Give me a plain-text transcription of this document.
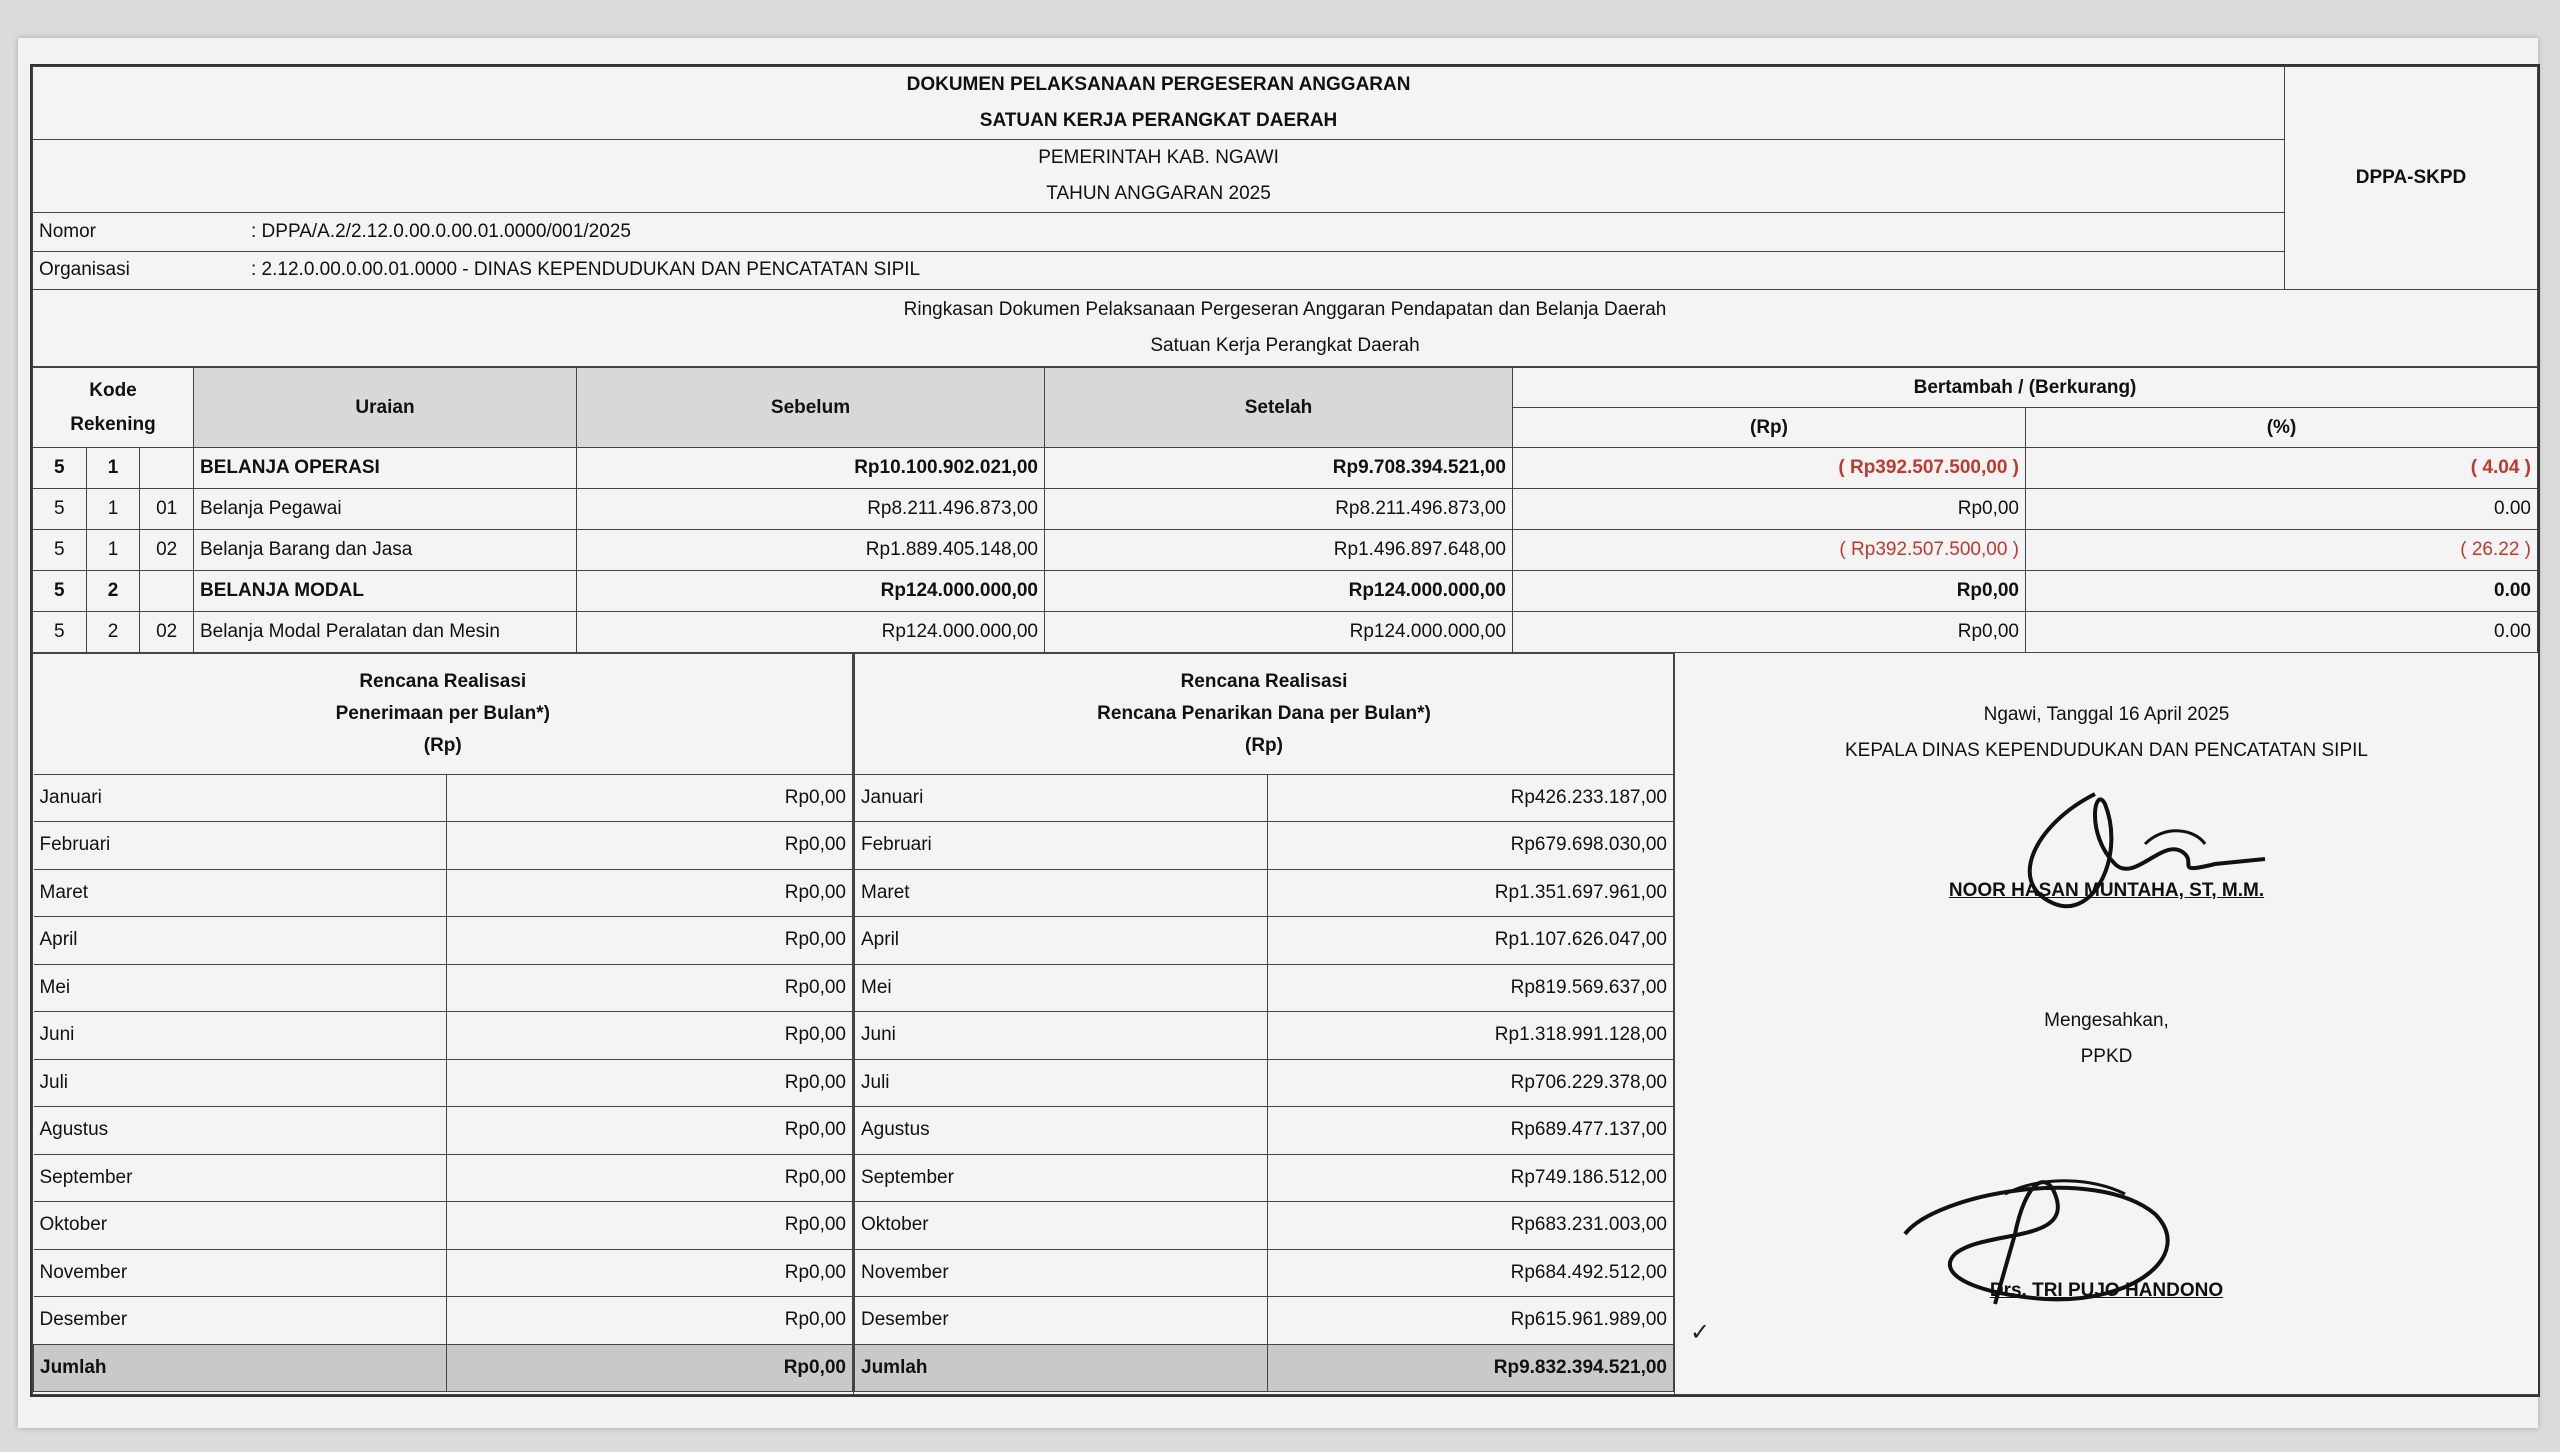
DOKUMEN PELAKSANAAN PERGESERAN ANGGARAN
SATUAN KERJA PERANGKAT DAERAH
	DPPA-SKPD

PEMERINTAH KAB. NGAWI
TAHUN ANGGARAN 2025

Nomor	: DPPA/A.2/2.12.0.00.0.00.01.0000/001/2025
Organisasi	: 2.12.0.00.0.00.01.0000 - DINAS KEPENDUDUKAN DAN PENCATATAN SIPIL

Ringkasan Dokumen Pelaksanaan Pergeseran Anggaran Pendapatan dan Belanja Daerah
Satuan Kerja Perangkat Daerah
Kode
Rekening			Uraian	Sebelum	Setelah	Bertambah / (Berkurang)	
						(Rp)	(%)
5	1		BELANJA OPERASI	Rp10.100.902.021,00	Rp9.708.394.521,00	( Rp392.507.500,00 )	( 4.04 )
5	1	01	Belanja Pegawai	Rp8.211.496.873,00	Rp8.211.496.873,00	Rp0,00	0.00
5	1	02	Belanja Barang dan Jasa	Rp1.889.405.148,00	Rp1.496.897.648,00	( Rp392.507.500,00 )	( 26.22 )
5	2		BELANJA MODAL	Rp124.000.000,00	Rp124.000.000,00	Rp0,00	0.00
5	2	02	Belanja Modal Peralatan dan Mesin	Rp124.000.000,00	Rp124.000.000,00	Rp0,00	0.00
Rencana Realisasi
Penerimaan per Bulan*)
(Rp)

Januari	Rp0,00
Februari	Rp0,00
Maret	Rp0,00
April	Rp0,00
Mei	Rp0,00
Juni	Rp0,00
Juli	Rp0,00
Agustus	Rp0,00
September	Rp0,00
Oktober	Rp0,00
November	Rp0,00
Desember	Rp0,00
Jumlah	Rp0,00

Rencana Realisasi
Rencana Penarikan Dana per Bulan*)
(Rp)

Januari	Rp426.233.187,00
Februari	Rp679.698.030,00
Maret	Rp1.351.697.961,00
April	Rp1.107.626.047,00
Mei	Rp819.569.637,00
Juni	Rp1.318.991.128,00
Juli	Rp706.229.378,00
Agustus	Rp689.477.137,00
September	Rp749.186.512,00
Oktober	Rp683.231.003,00
November	Rp684.492.512,00
Desember	Rp615.961.989,00
Jumlah	Rp9.832.394.521,00

Ngawi, Tanggal 16 April 2025
KEPALA DINAS KEPENDUDUKAN DAN PENCATATAN SIPIL
NOOR HASAN MUNTAHA, ST, M.M.
Mengesahkan,
PPKD
Drs. TRI PUJO HANDONO
✓
